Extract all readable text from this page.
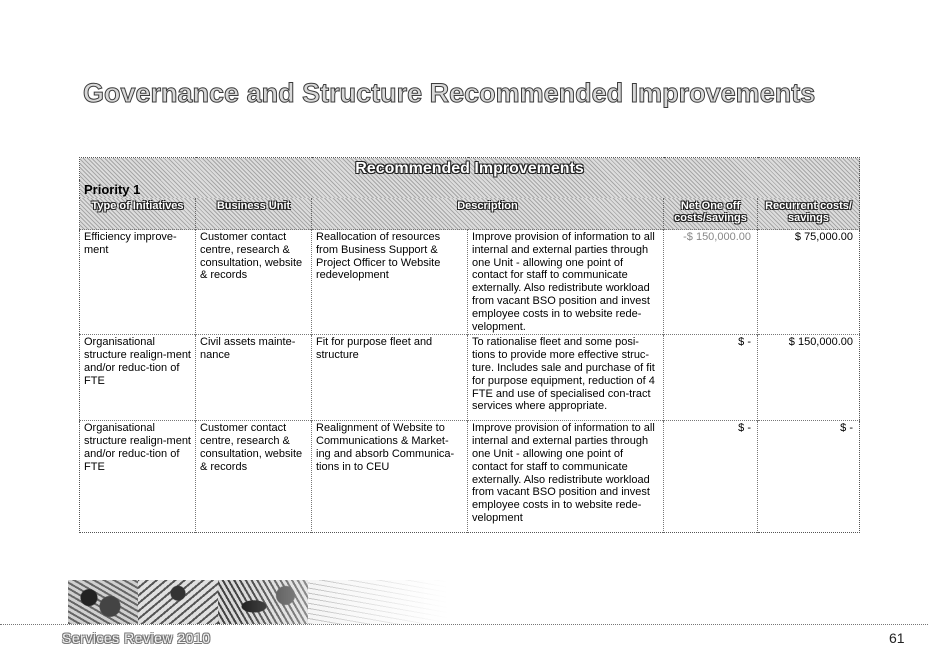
Governance and Structure Recommended Improvements
Recommended Improvements					
Priority 1					
Type of Initiatives	Business Unit	Description		Net One off costs/savings	Recurrent costs/ savings
Efficiency improve-ment	Customer contact centre, research & consultation, website & records	Reallocation of resources from Business Support & Project Officer to Website redevelopment	Improve provision of information to all internal and external parties through one Unit - allowing one point of contact for staff to communicate externally. Also redistribute workload from vacant BSO position and invest employee costs in to website rede-velopment.	-$ 150,000.00	$ 75,000.00
Organisational structure realign-ment and/or reduc-tion of FTE	Civil assets mainte-nance	Fit for purpose fleet and structure	To rationalise fleet and some posi-tions to provide more effective struc-ture. Includes sale and purchase of fit for purpose equipment, reduction of 4 FTE and use of specialised con-tract services where appropriate.	$ -	$ 150,000.00
Organisational structure realign-ment and/or reduc-tion of FTE	Customer contact centre, research & consultation, website & records	Realignment of Website to Communications & Market-ing and absorb Communica-tions in to CEU	Improve provision of information to all internal and external parties through one Unit - allowing one point of contact for staff to communicate externally. Also redistribute workload from vacant BSO position and invest employee costs in to website rede-velopment	$ -	$ -
Services Review 2010	61
